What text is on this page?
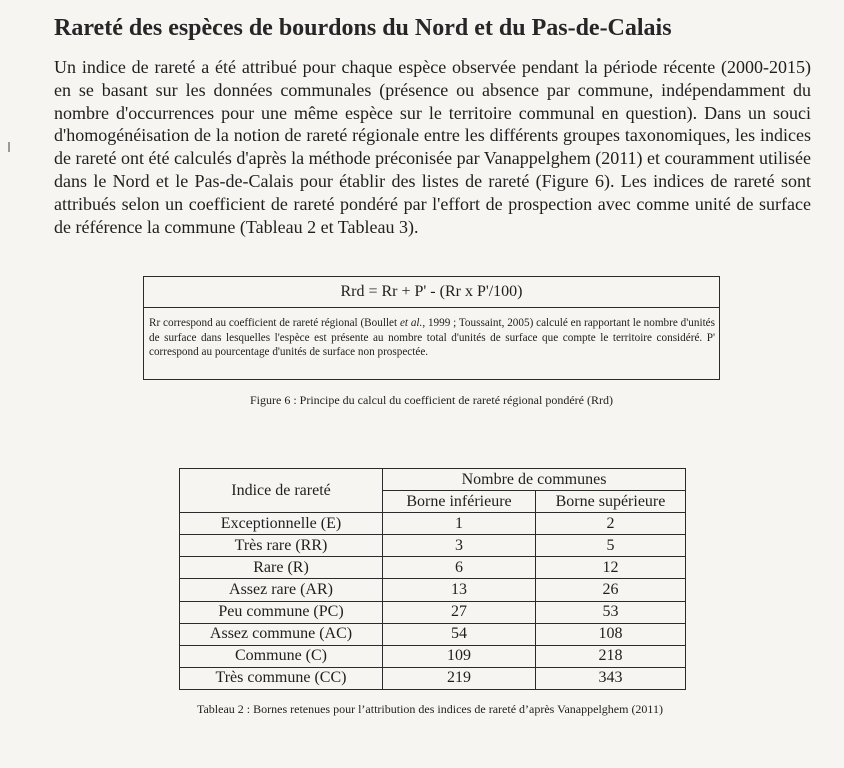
Rareté des espèces de bourdons du Nord et du Pas-de-Calais

Un indice de rareté a été attribué pour chaque espèce observée pendant la période récente (2000-2015) en se basant sur les données communales (présence ou absence par commune, indépendamment du nombre d'occurrences pour une même espèce sur le territoire communal en question). Dans un souci d'homogénéisation de la notion de rareté régionale entre les différents groupes taxonomiques, les indices de rareté ont été calculés d'après la méthode préconisée par Vanappelghem (2011) et couramment utilisée dans le Nord et le Pas-de-Calais pour établir des listes de rareté (Figure 6). Les indices de rareté sont attribués selon un coefficient de rareté pondéré par l'effort de prospection avec comme unité de surface de référence la commune (Tableau 2 et Tableau 3).

Rrd = Rr + P' - (Rr x P'/100)

Rr correspond au coefficient de rareté régional (Boullet et al., 1999 ; Toussaint, 2005) calculé en rapportant le nombre d'unités de surface dans lesquelles l'espèce est présente au nombre total d'unités de surface que compte le territoire considéré. P' correspond au pourcentage d'unités de surface non prospectée.

Figure 6 : Principe du calcul du coefficient de rareté régional pondéré (Rrd)
Indice de rareté	Nombre de communes	
	Borne inférieure	Borne supérieure
Exceptionnelle (E)	1	2
Très rare (RR)	3	5
Rare (R)	6	12
Assez rare (AR)	13	26
Peu commune (PC)	27	53
Assez commune (AC)	54	108
Commune (C)	109	218
Très commune (CC)	219	343
Tableau 2 : Bornes retenues pour l’attribution des indices de rareté d’après Vanappelghem (2011)
